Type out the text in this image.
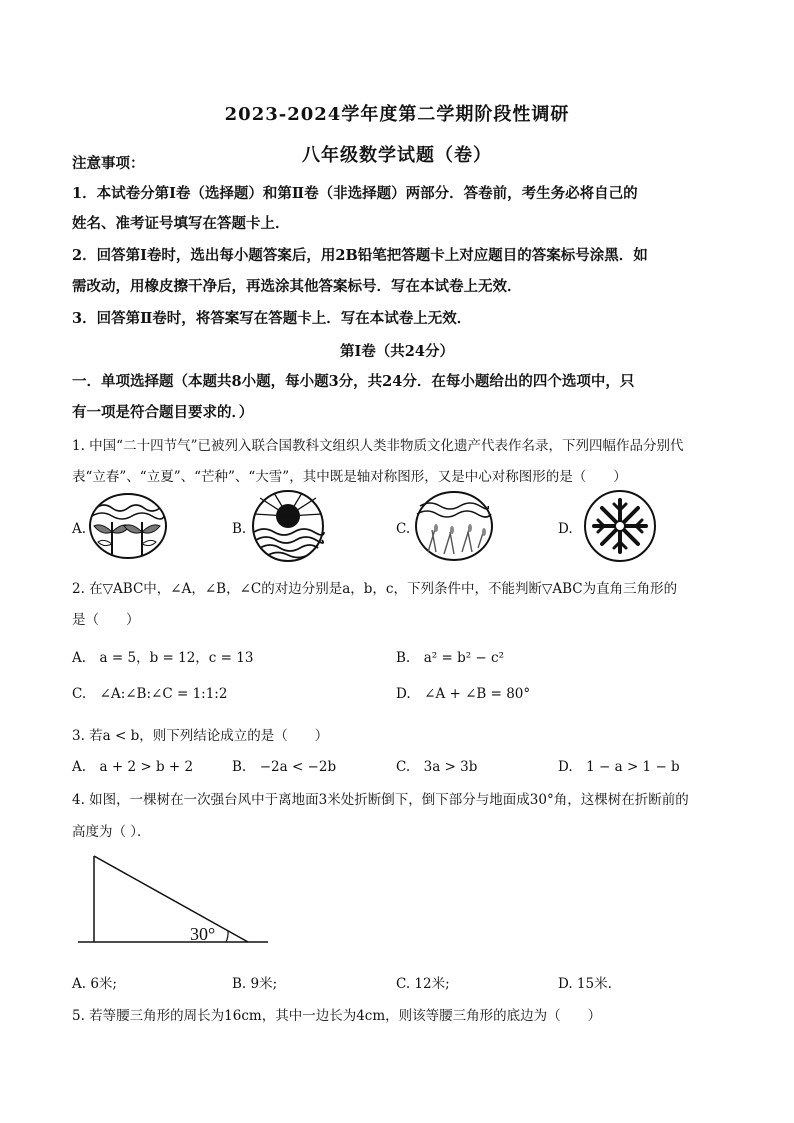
2023-2024学年度第二学期阶段性调研
八年级数学试题（卷）
注意事项：
1．本试卷分第Ⅰ卷（选择题）和第Ⅱ卷（非选择题）两部分．答卷前，考生务必将自己的
姓名、准考证号填写在答题卡上．
2．回答第Ⅰ卷时，选出每小题答案后，用2B铅笔把答题卡上对应题目的答案标号涂黑．如
需改动，用橡皮擦干净后，再选涂其他答案标号．写在本试卷上无效．
3．回答第Ⅱ卷时，将答案写在答题卡上．写在本试卷上无效．
第Ⅰ卷（共24分）
一．单项选择题（本题共8小题，每小题3分，共24分．在每小题给出的四个选项中，只
有一项是符合题目要求的．）
1. 中国“二十四节气”已被列入联合国教科文组织人类非物质文化遗产代表作名录，下列四幅作品分别代
表“立春”、“立夏”、“芒种”、“大雪”，其中既是轴对称图形，又是中心对称图形的是（　　）
A.	B.	C.	D.
2. 在▽ABC中，∠A，∠B，∠C的对边分别是a，b，c，下列条件中，不能判断▽ABC为直角三角形的
是（　　）
A.　a = 5，b = 12，c = 13	B.　a² = b² − c²
C.　∠A:∠B:∠C = 1:1:2	D.　∠A + ∠B = 80°
3. 若a < b，则下列结论成立的是（　　）
A.　a + 2 > b + 2	B.　−2a < −2b	C.　3a > 3b	D.　1 − a > 1 − b
4. 如图，一棵树在一次强台风中于离地面3米处折断倒下，倒下部分与地面成30°角，这棵树在折断前的
高度为（ ）．
30°
A. 6米;	B. 9米;	C. 12米;	D. 15米.
5. 若等腰三角形的周长为16cm，其中一边长为4cm，则该等腰三角形的底边为（　　）
